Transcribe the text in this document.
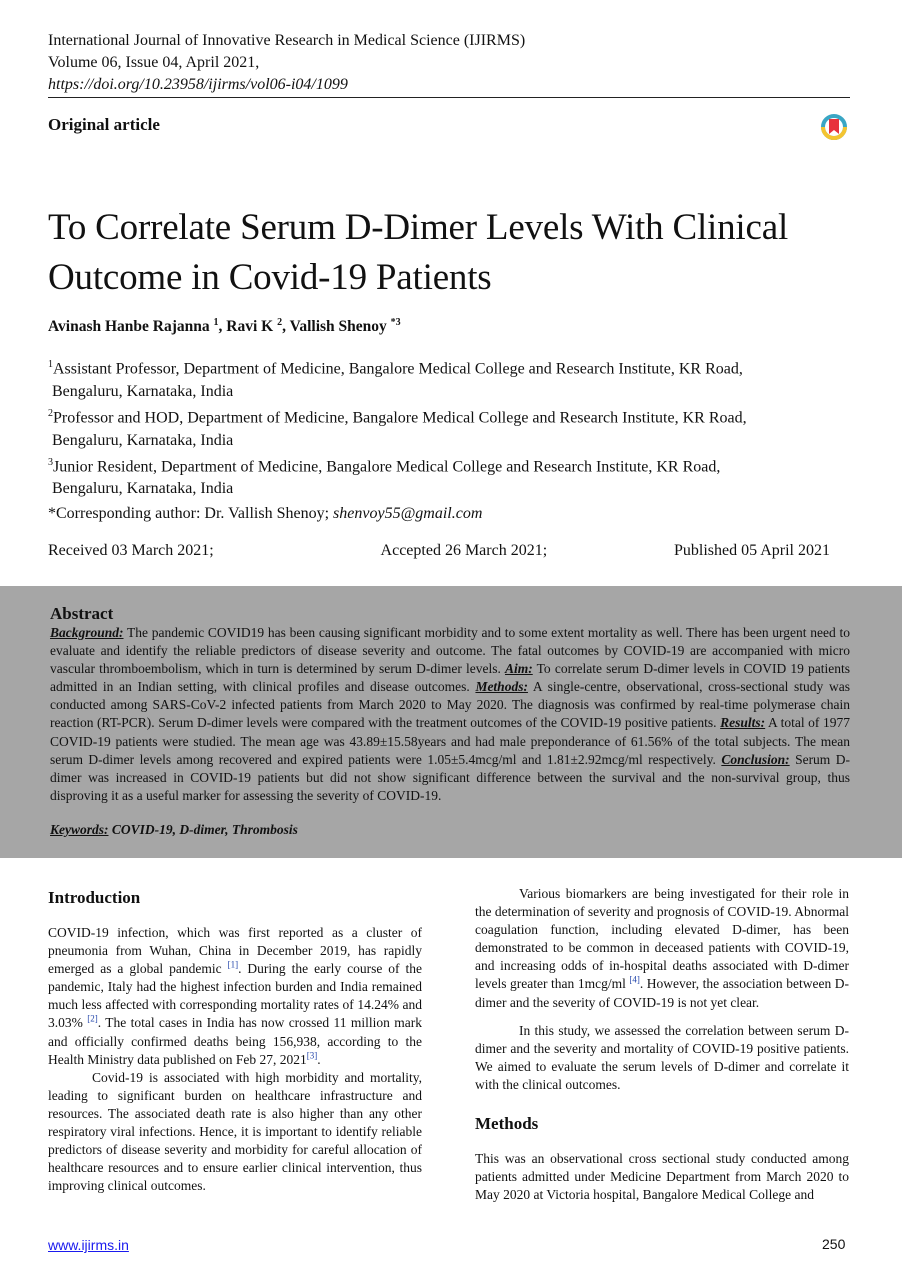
International Journal of Innovative Research in Medical Science (IJIRMS)
Volume 06, Issue 04, April 2021,
https://doi.org/10.23958/ijirms/vol06-i04/1099
Original article
To Correlate Serum D-Dimer Levels With Clinical Outcome in Covid-19 Patients
Avinash Hanbe Rajanna $^1$, Ravi K $^2$, Vallish Shenoy $^{*3}$
$^1$Assistant Professor, Department of Medicine, Bangalore Medical College and Research Institute, KR Road,
Bengaluru, Karnataka, India
$^2$Professor and HOD, Department of Medicine, Bangalore Medical College and Research Institute, KR Road,
Bengaluru, Karnataka, India
$^3$Junior Resident, Department of Medicine, Bangalore Medical College and Research Institute, KR Road,
Bengaluru, Karnataka, India
*Corresponding author: Dr. Vallish Shenoy; shenvoy55@gmail.com
Received 03 March 2021;	Accepted 26 March 2021;	Published 05 April 2021
Abstract
Background: The pandemic COVID19 has been causing significant morbidity and to some extent mortality as well. There has been urgent need to evaluate and identify the reliable predictors of disease severity and outcome. The fatal outcomes by COVID-19 are accompanied with micro vascular thromboembolism, which in turn is determined by serum D-dimer levels. Aim: To correlate serum D-dimer levels in COVID 19 patients admitted in an Indian setting, with clinical profiles and disease outcomes. Methods: A single-centre, observational, cross-sectional study was conducted among SARS-CoV-2 infected patients from March 2020 to May 2020. The diagnosis was confirmed by real-time polymerase chain reaction (RT-PCR). Serum D-dimer levels were compared with the treatment outcomes of the COVID-19 positive patients. Results: A total of 1977 COVID-19 patients were studied. The mean age was 43.89±15.58years and had male preponderance of 61.56% of the total subjects. The mean serum D-dimer levels among recovered and expired patients were 1.05±5.4mcg/ml and 1.81±2.92mcg/ml respectively. Conclusion: Serum D-dimer was increased in COVID-19 patients but did not show significant difference between the survival and the non-survival group, thus disproving it as a useful marker for assessing the severity of COVID-19.
Keywords: COVID-19, D-dimer, Thrombosis
Introduction

COVID-19 infection, which was first reported as a cluster of pneumonia from Wuhan, China in December 2019, has rapidly emerged as a global pandemic [1]. During the early course of the pandemic, Italy had the highest infection burden and India remained much less affected with corresponding mortality rates of 14.24% and 3.03% [2]. The total cases in India has now crossed 11 million mark and officially confirmed deaths being 156,938, according to the Health Ministry data published on Feb 27, 2021[3].

Covid-19 is associated with high morbidity and mortality, leading to significant burden on healthcare infrastructure and resources. The associated death rate is also higher than any other respiratory viral infections. Hence, it is important to identify reliable predictors of disease severity and morbidity for careful allocation of healthcare resources and to ensure earlier clinical intervention, thus improving clinical outcomes.

Various biomarkers are being investigated for their role in the determination of severity and prognosis of COVID-19. Abnormal coagulation function, including elevated D-dimer, has been demonstrated to be common in deceased patients with COVID-19, and increasing odds of in-hospital deaths associated with D-dimer levels greater than 1mcg/ml [4]. However, the association between D-dimer and the severity of COVID-19 is not yet clear.

In this study, we assessed the correlation between serum D-dimer and the severity and mortality of COVID-19 positive patients. We aimed to evaluate the serum levels of D-dimer and correlate it with the clinical outcomes.

Methods

This was an observational cross sectional study conducted among patients admitted under Medicine Department from March 2020 to May 2020 at Victoria hospital, Bangalore Medical College and

www.ijirms.in	250
